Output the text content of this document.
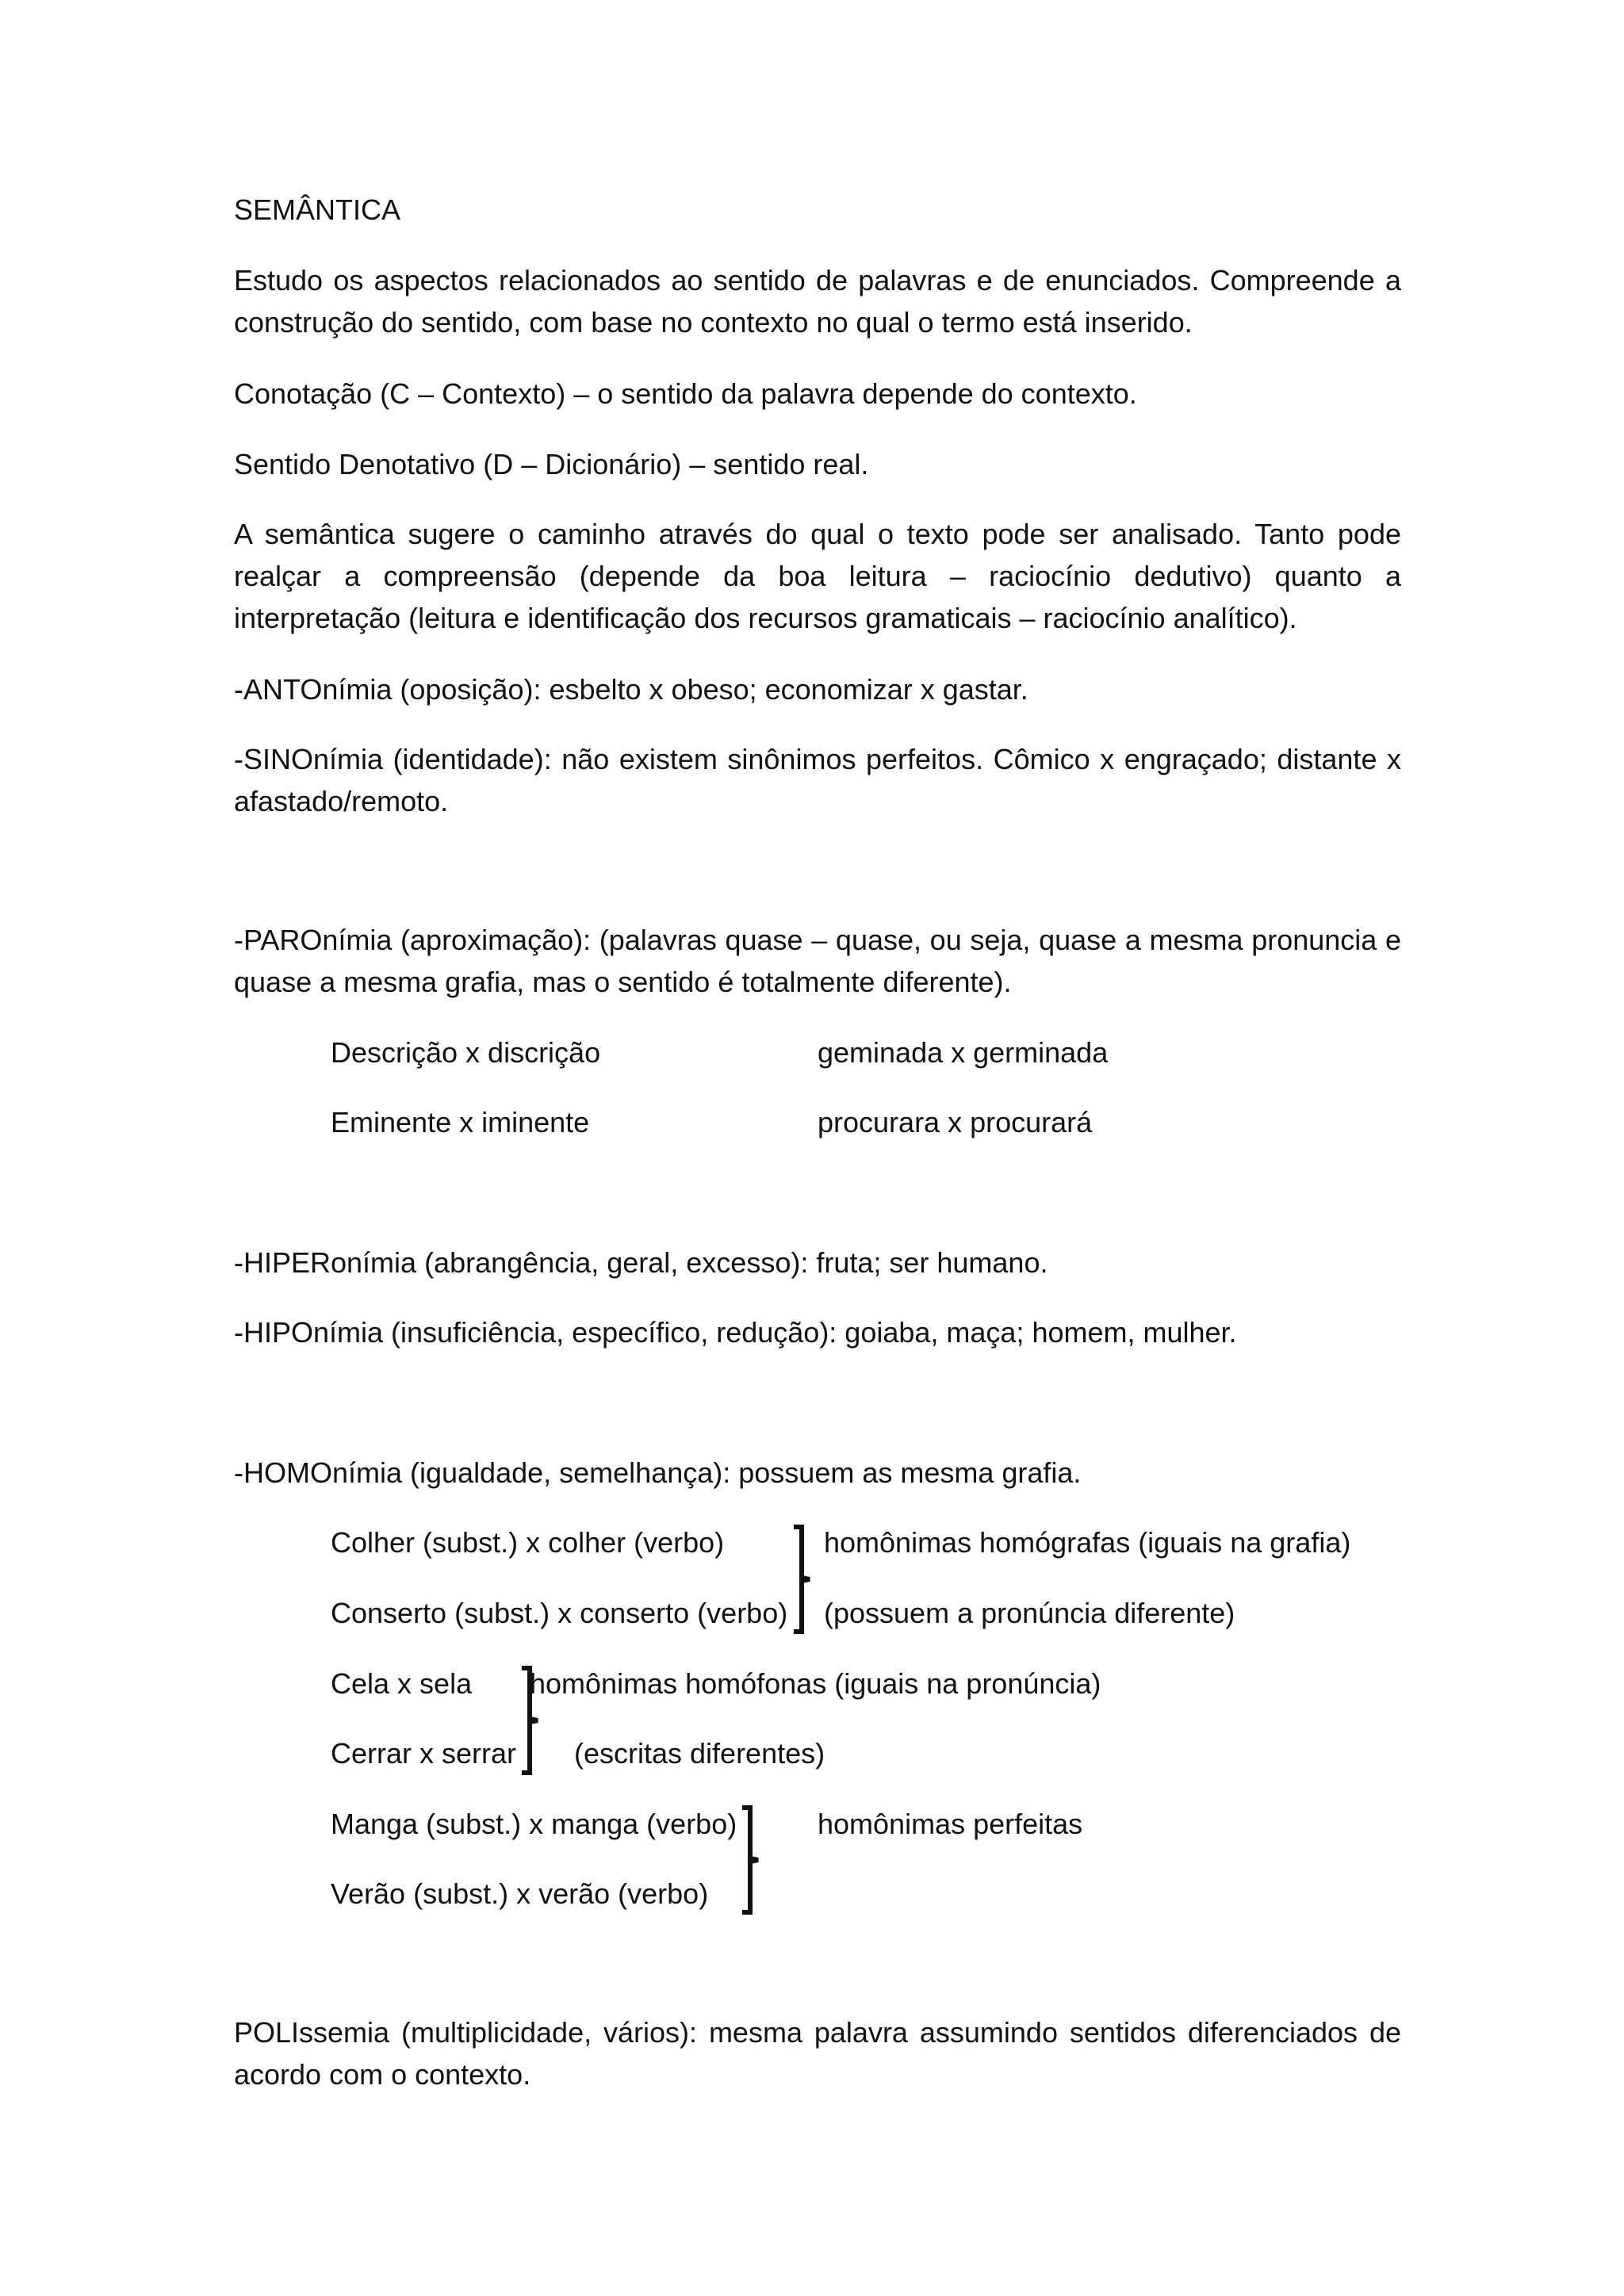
SEMÂNTICA

Estudo os aspectos relacionados ao sentido de palavras e de enunciados. Compreende a construção do sentido, com base no contexto no qual o termo está inserido.

Conotação (C – Contexto) – o sentido da palavra depende do contexto.

Sentido Denotativo (D – Dicionário) – sentido real.

A semântica sugere o caminho através do qual o texto pode ser analisado. Tanto pode realçar a compreensão (depende da boa leitura – raciocínio dedutivo) quanto a interpretação (leitura e identificação dos recursos gramaticais – raciocínio analítico).

-ANTOnímia (oposição): esbelto x obeso; economizar x gastar.

-SINOnímia (identidade): não existem sinônimos perfeitos. Cômico x engraçado; distante x afastado/remoto.

-PAROnímia (aproximação): (palavras quase – quase, ou seja, quase a mesma pronuncia e quase a mesma grafia, mas o sentido é totalmente diferente).

Descrição x discrição	geminada x germinada

Eminente x iminente	procurara x procurará

-HIPERonímia (abrangência, geral, excesso): fruta; ser humano.

-HIPOnímia (insuficiência, específico, redução): goiaba, maça; homem, mulher.

-HOMOnímia (igualdade, semelhança): possuem as mesma grafia.

Colher (subst.) x colher (verbo)

Conserto (subst.) x conserto (verbo)

homônimas homógrafas (iguais na grafia)

(possuem a pronúncia diferente)

Cela x sela

Cerrar x serrar

homônimas homófonas (iguais na pronúncia)

(escritas diferentes)

Manga (subst.) x manga (verbo)

Verão (subst.) x verão (verbo)

homônimas perfeitas

POLIssemia (multiplicidade, vários): mesma palavra assumindo sentidos diferenciados de acordo com o contexto.
